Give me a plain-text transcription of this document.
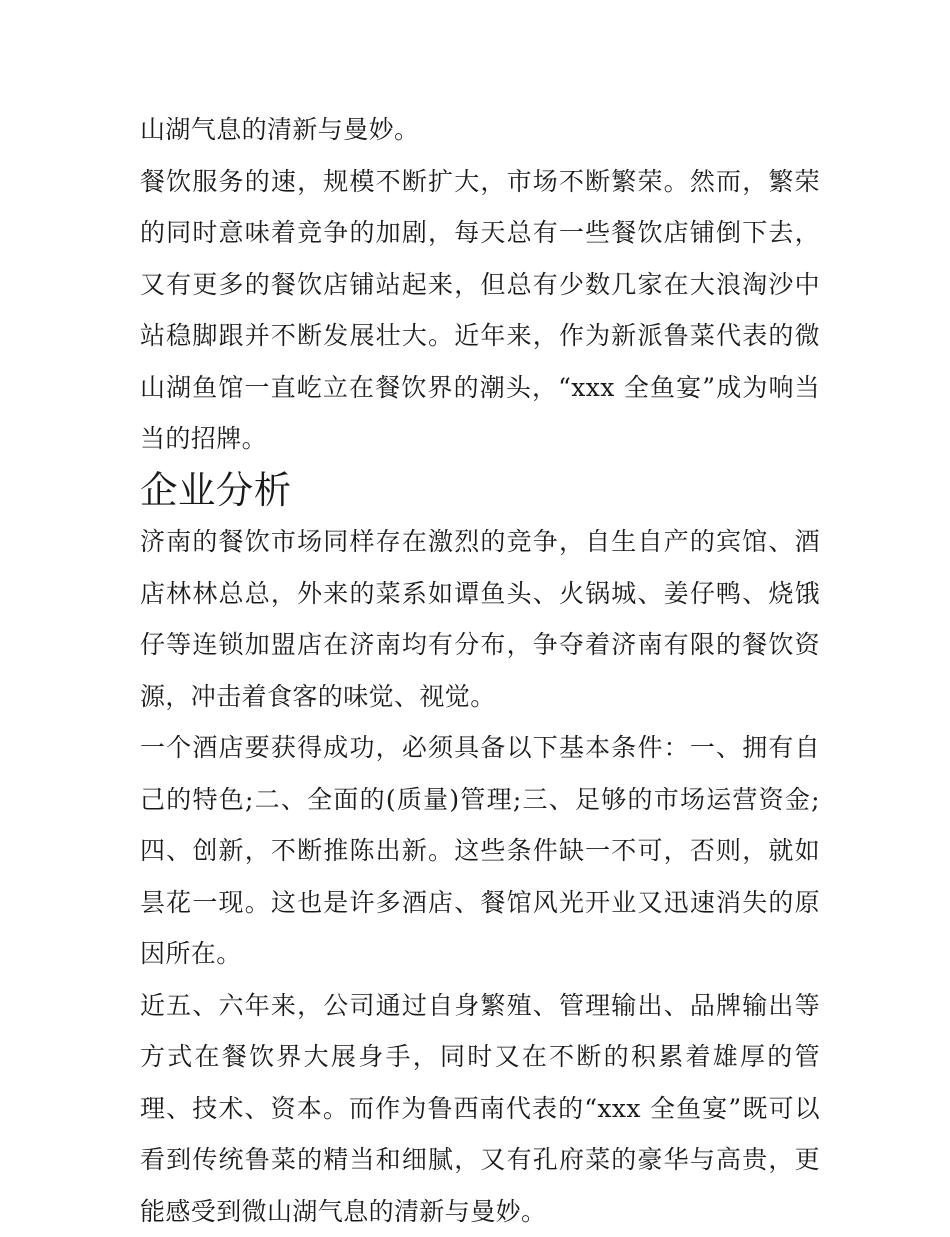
山湖气息的清新与曼妙。

餐饮服务的速，规模不断扩大，市场不断繁荣。然而，繁荣的同时意味着竞争的加剧，每天总有一些餐饮店铺倒下去，又有更多的餐饮店铺站起来，但总有少数几家在大浪淘沙中站稳脚跟并不断发展壮大。近年来，作为新派鲁菜代表的微山湖鱼馆一直屹立在餐饮界的潮头，“xxx 全鱼宴”成为响当当的招牌。

企业分析

济南的餐饮市场同样存在激烈的竞争，自生自产的宾馆、酒店林林总总，外来的菜系如谭鱼头、火锅城、姜仔鸭、烧饿仔等连锁加盟店在济南均有分布，争夺着济南有限的餐饮资源，冲击着食客的味觉、视觉。

一个酒店要获得成功，必须具备以下基本条件：一、拥有自己的特色;二、全面的(质量)管理;三、足够的市场运营资金;四、创新，不断推陈出新。这些条件缺一不可，否则，就如昙花一现。这也是许多酒店、餐馆风光开业又迅速消失的原因所在。

近五、六年来，公司通过自身繁殖、管理输出、品牌输出等方式在餐饮界大展身手，同时又在不断的积累着雄厚的管理、技术、资本。而作为鲁西南代表的“xxx 全鱼宴”既可以看到传统鲁菜的精当和细腻，又有孔府菜的豪华与高贵，更能感受到微山湖气息的清新与曼妙。
